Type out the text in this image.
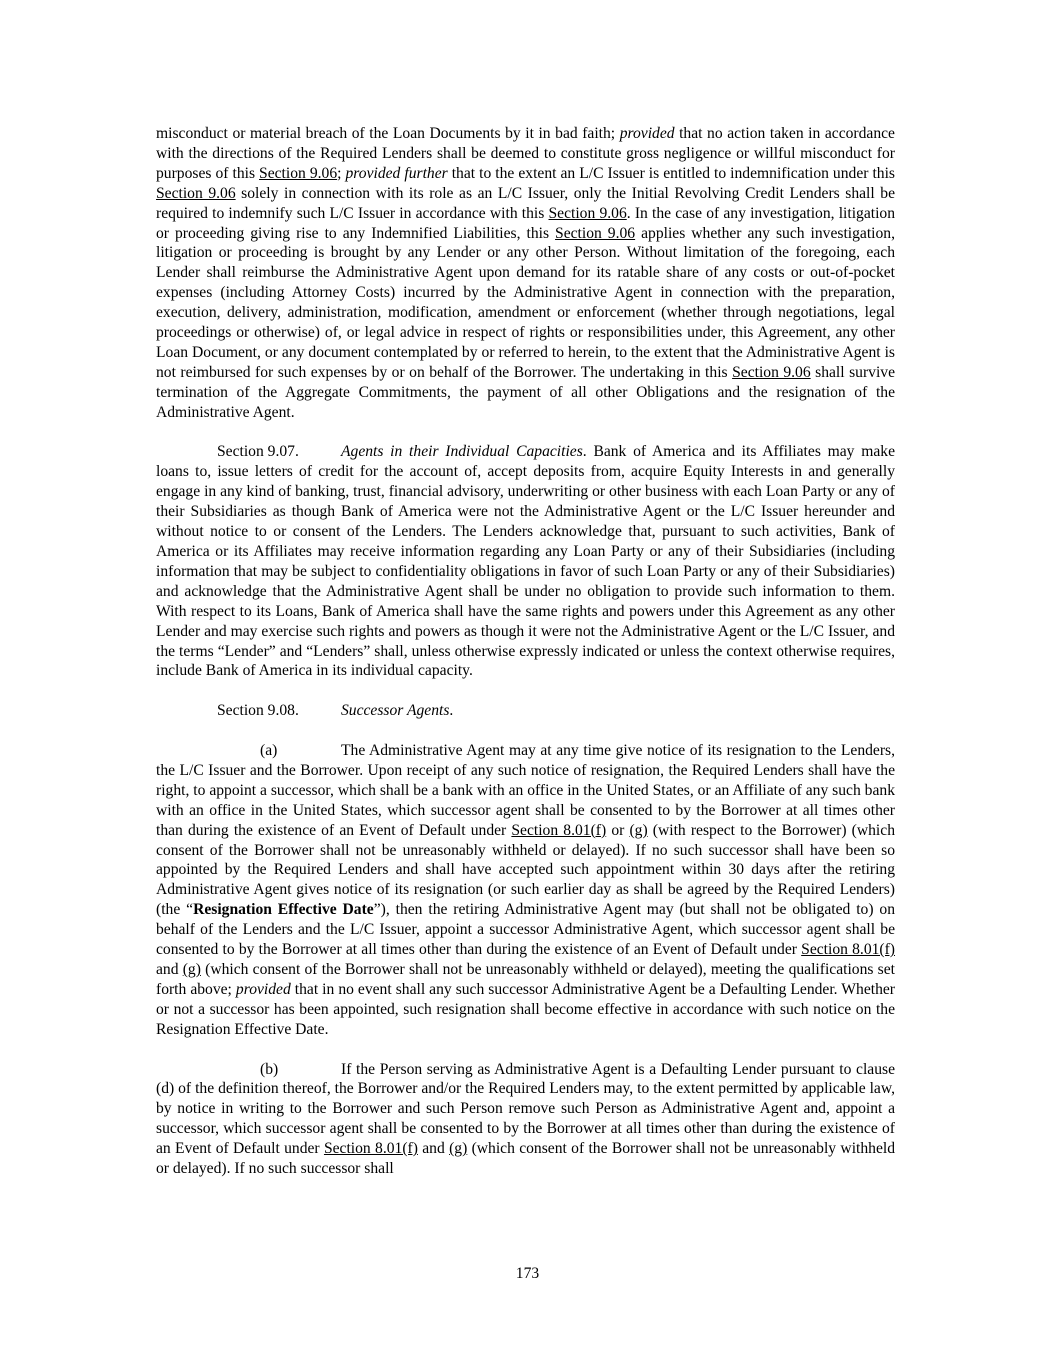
misconduct or material breach of the Loan Documents by it in bad faith; provided that no action taken in accordance with the directions of the Required Lenders shall be deemed to constitute gross negligence or willful misconduct for purposes of this Section 9.06; provided further that to the extent an L/C Issuer is entitled to indemnification under this Section 9.06 solely in connection with its role as an L/C Issuer, only the Initial Revolving Credit Lenders shall be required to indemnify such L/C Issuer in accordance with this Section 9.06. In the case of any investigation, litigation or proceeding giving rise to any Indemnified Liabilities, this Section 9.06 applies whether any such investigation, litigation or proceeding is brought by any Lender or any other Person. Without limitation of the foregoing, each Lender shall reimburse the Administrative Agent upon demand for its ratable share of any costs or out-of-pocket expenses (including Attorney Costs) incurred by the Administrative Agent in connection with the preparation, execution, delivery, administration, modification, amendment or enforcement (whether through negotiations, legal proceedings or otherwise) of, or legal advice in respect of rights or responsibilities under, this Agreement, any other Loan Document, or any document contemplated by or referred to herein, to the extent that the Administrative Agent is not reimbursed for such expenses by or on behalf of the Borrower. The undertaking in this Section 9.06 shall survive termination of the Aggregate Commitments, the payment of all other Obligations and the resignation of the Administrative Agent.

Section 9.07.	Agents in their Individual Capacities. Bank of America and its Affiliates may make loans to, issue letters of credit for the account of, accept deposits from, acquire Equity Interests in and generally engage in any kind of banking, trust, financial advisory, underwriting or other business with each Loan Party or any of their Subsidiaries as though Bank of America were not the Administrative Agent or the L/C Issuer hereunder and without notice to or consent of the Lenders. The Lenders acknowledge that, pursuant to such activities, Bank of America or its Affiliates may receive information regarding any Loan Party or any of their Subsidiaries (including information that may be subject to confidentiality obligations in favor of such Loan Party or any of their Subsidiaries) and acknowledge that the Administrative Agent shall be under no obligation to provide such information to them. With respect to its Loans, Bank of America shall have the same rights and powers under this Agreement as any other Lender and may exercise such rights and powers as though it were not the Administrative Agent or the L/C Issuer, and the terms “Lender” and “Lenders” shall, unless otherwise expressly indicated or unless the context otherwise requires, include Bank of America in its individual capacity.

Section 9.08.	Successor Agents.

(a)	The Administrative Agent may at any time give notice of its resignation to the Lenders, the L/C Issuer and the Borrower. Upon receipt of any such notice of resignation, the Required Lenders shall have the right, to appoint a successor, which shall be a bank with an office in the United States, or an Affiliate of any such bank with an office in the United States, which successor agent shall be consented to by the Borrower at all times other than during the existence of an Event of Default under Section 8.01(f) or (g) (with respect to the Borrower) (which consent of the Borrower shall not be unreasonably withheld or delayed). If no such successor shall have been so appointed by the Required Lenders and shall have accepted such appointment within 30 days after the retiring Administrative Agent gives notice of its resignation (or such earlier day as shall be agreed by the Required Lenders) (the “Resignation Effective Date”), then the retiring Administrative Agent may (but shall not be obligated to) on behalf of the Lenders and the L/C Issuer, appoint a successor Administrative Agent, which successor agent shall be consented to by the Borrower at all times other than during the existence of an Event of Default under Section 8.01(f) and (g) (which consent of the Borrower shall not be unreasonably withheld or delayed), meeting the qualifications set forth above; provided that in no event shall any such successor Administrative Agent be a Defaulting Lender. Whether or not a successor has been appointed, such resignation shall become effective in accordance with such notice on the Resignation Effective Date.

(b)	If the Person serving as Administrative Agent is a Defaulting Lender pursuant to clause (d) of the definition thereof, the Borrower and/or the Required Lenders may, to the extent permitted by applicable law, by notice in writing to the Borrower and such Person remove such Person as Administrative Agent and, appoint a successor, which successor agent shall be consented to by the Borrower at all times other than during the existence of an Event of Default under Section 8.01(f) and (g) (which consent of the Borrower shall not be unreasonably withheld or delayed). If no such successor shall

173
